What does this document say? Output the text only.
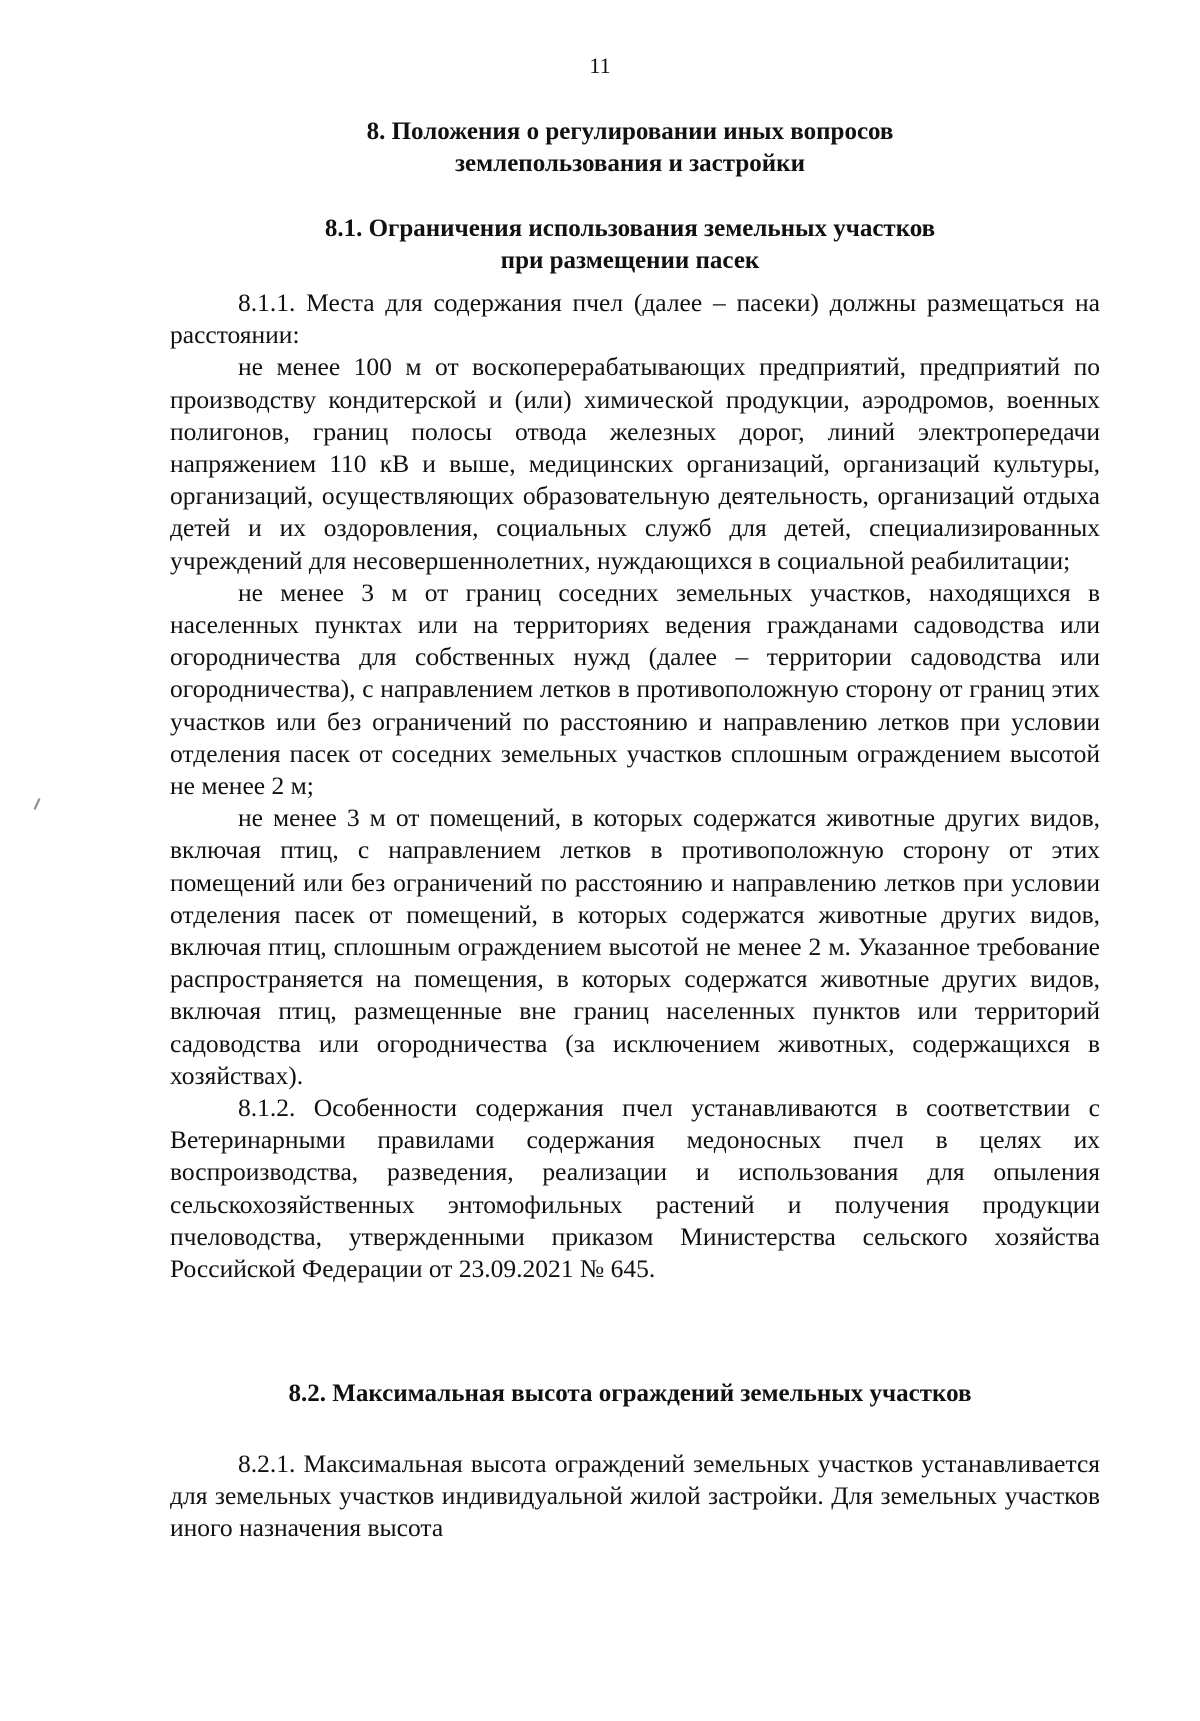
11
8. Положения о регулировании иных вопросов
землепользования и застройки
8.1. Ограничения использования земельных участков
при размещении пасек

8.1.1. Места для содержания пчел (далее – пасеки) должны размещаться на расстоянии:

не менее 100 м от воскоперерабатывающих предприятий, предприятий по производству кондитерской и (или) химической продукции, аэродромов, военных полигонов, границ полосы отвода железных дорог, линий электропередачи напряжением 110 кВ и выше, медицинских организаций, организаций культуры, организаций, осуществляющих образовательную деятельность, организаций отдыха детей и их оздоровления, социальных служб для детей, специализированных учреждений для несовершеннолетних, нуждающихся в социальной реабилитации;

не менее 3 м от границ соседних земельных участков, находящихся в населенных пунктах или на территориях ведения гражданами садоводства или огородничества для собственных нужд (далее – территории садоводства или огородничества), с направлением летков в противоположную сторону от границ этих участков или без ограничений по расстоянию и направлению летков при условии отделения пасек от соседних земельных участков сплошным ограждением высотой не менее 2 м;

не менее 3 м от помещений, в которых содержатся животные других видов, включая птиц, с направлением летков в противоположную сторону от этих помещений или без ограничений по расстоянию и направлению летков при условии отделения пасек от помещений, в которых содержатся животные других видов, включая птиц, сплошным ограждением высотой не менее 2 м. Указанное требование распространяется на помещения, в которых содержатся животные других видов, включая птиц, размещенные вне границ населенных пунктов или территорий садоводства или огородничества (за исключением животных, содержащихся в хозяйствах).

8.1.2. Особенности содержания пчел устанавливаются в соответствии с Ветеринарными правилами содержания медоносных пчел в целях их воспроизводства, разведения, реализации и использования для опыления сельскохозяйственных энтомофильных растений и получения продукции пчеловодства, утвержденными приказом Министерства сельского хозяйства Российской Федерации от 23.09.2021 № 645.

8.2. Максимальная высота ограждений земельных участков

8.2.1. Максимальная высота ограждений земельных участков устанавливается для земельных участков индивидуальной жилой застройки. Для земельных участков иного назначения высота
